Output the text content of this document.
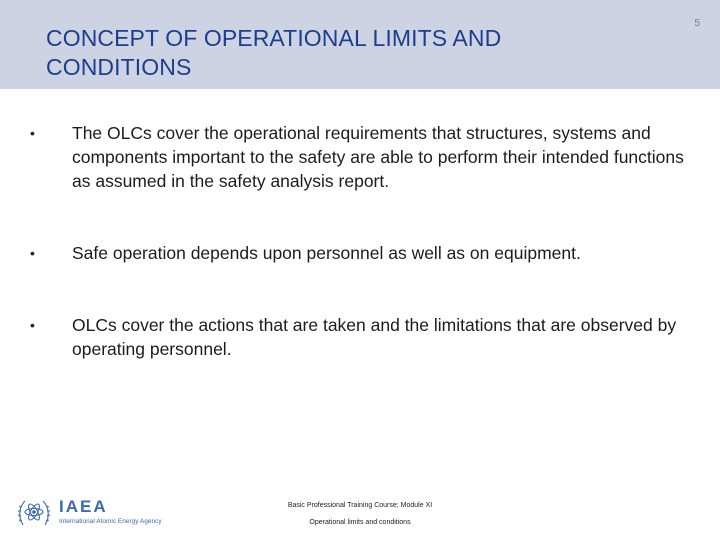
CONCEPT OF OPERATIONAL LIMITS AND CONDITIONS
5
•	The OLCs cover the operational requirements that structures, systems and components important to the safety are able to perform their intended functions as assumed in the safety analysis report.
•	Safe operation depends upon personnel as well as on equipment.
•	OLCs cover the actions that are taken and the limitations that are observed by operating personnel.
IAEA
International Atomic Energy Agency
Basic Professional Training Course; Module XI
Operational limits and conditions
